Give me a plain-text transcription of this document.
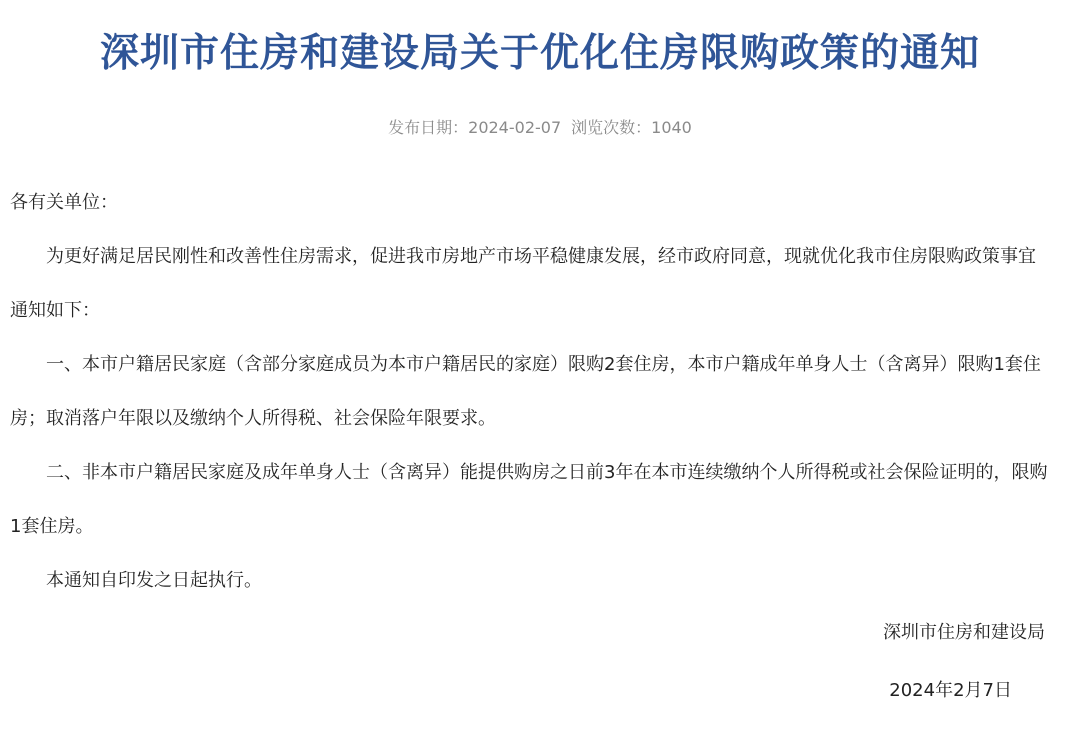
深圳市住房和建设局关于优化住房限购政策的通知
发布日期：2024-02-07 浏览次数：1040

各有关单位：

为更好满足居民刚性和改善性住房需求，促进我市房地产市场平稳健康发展，经市政府同意，现就优化我市住房限购政策事宜通知如下：

一、本市户籍居民家庭（含部分家庭成员为本市户籍居民的家庭）限购2套住房，本市户籍成年单身人士（含离异）限购1套住房；取消落户年限以及缴纳个人所得税、社会保险年限要求。

二、非本市户籍居民家庭及成年单身人士（含离异）能提供购房之日前3年在本市连续缴纳个人所得税或社会保险证明的，限购1套住房。

本通知自印发之日起执行。

深圳市住房和建设局
2024年2月7日
